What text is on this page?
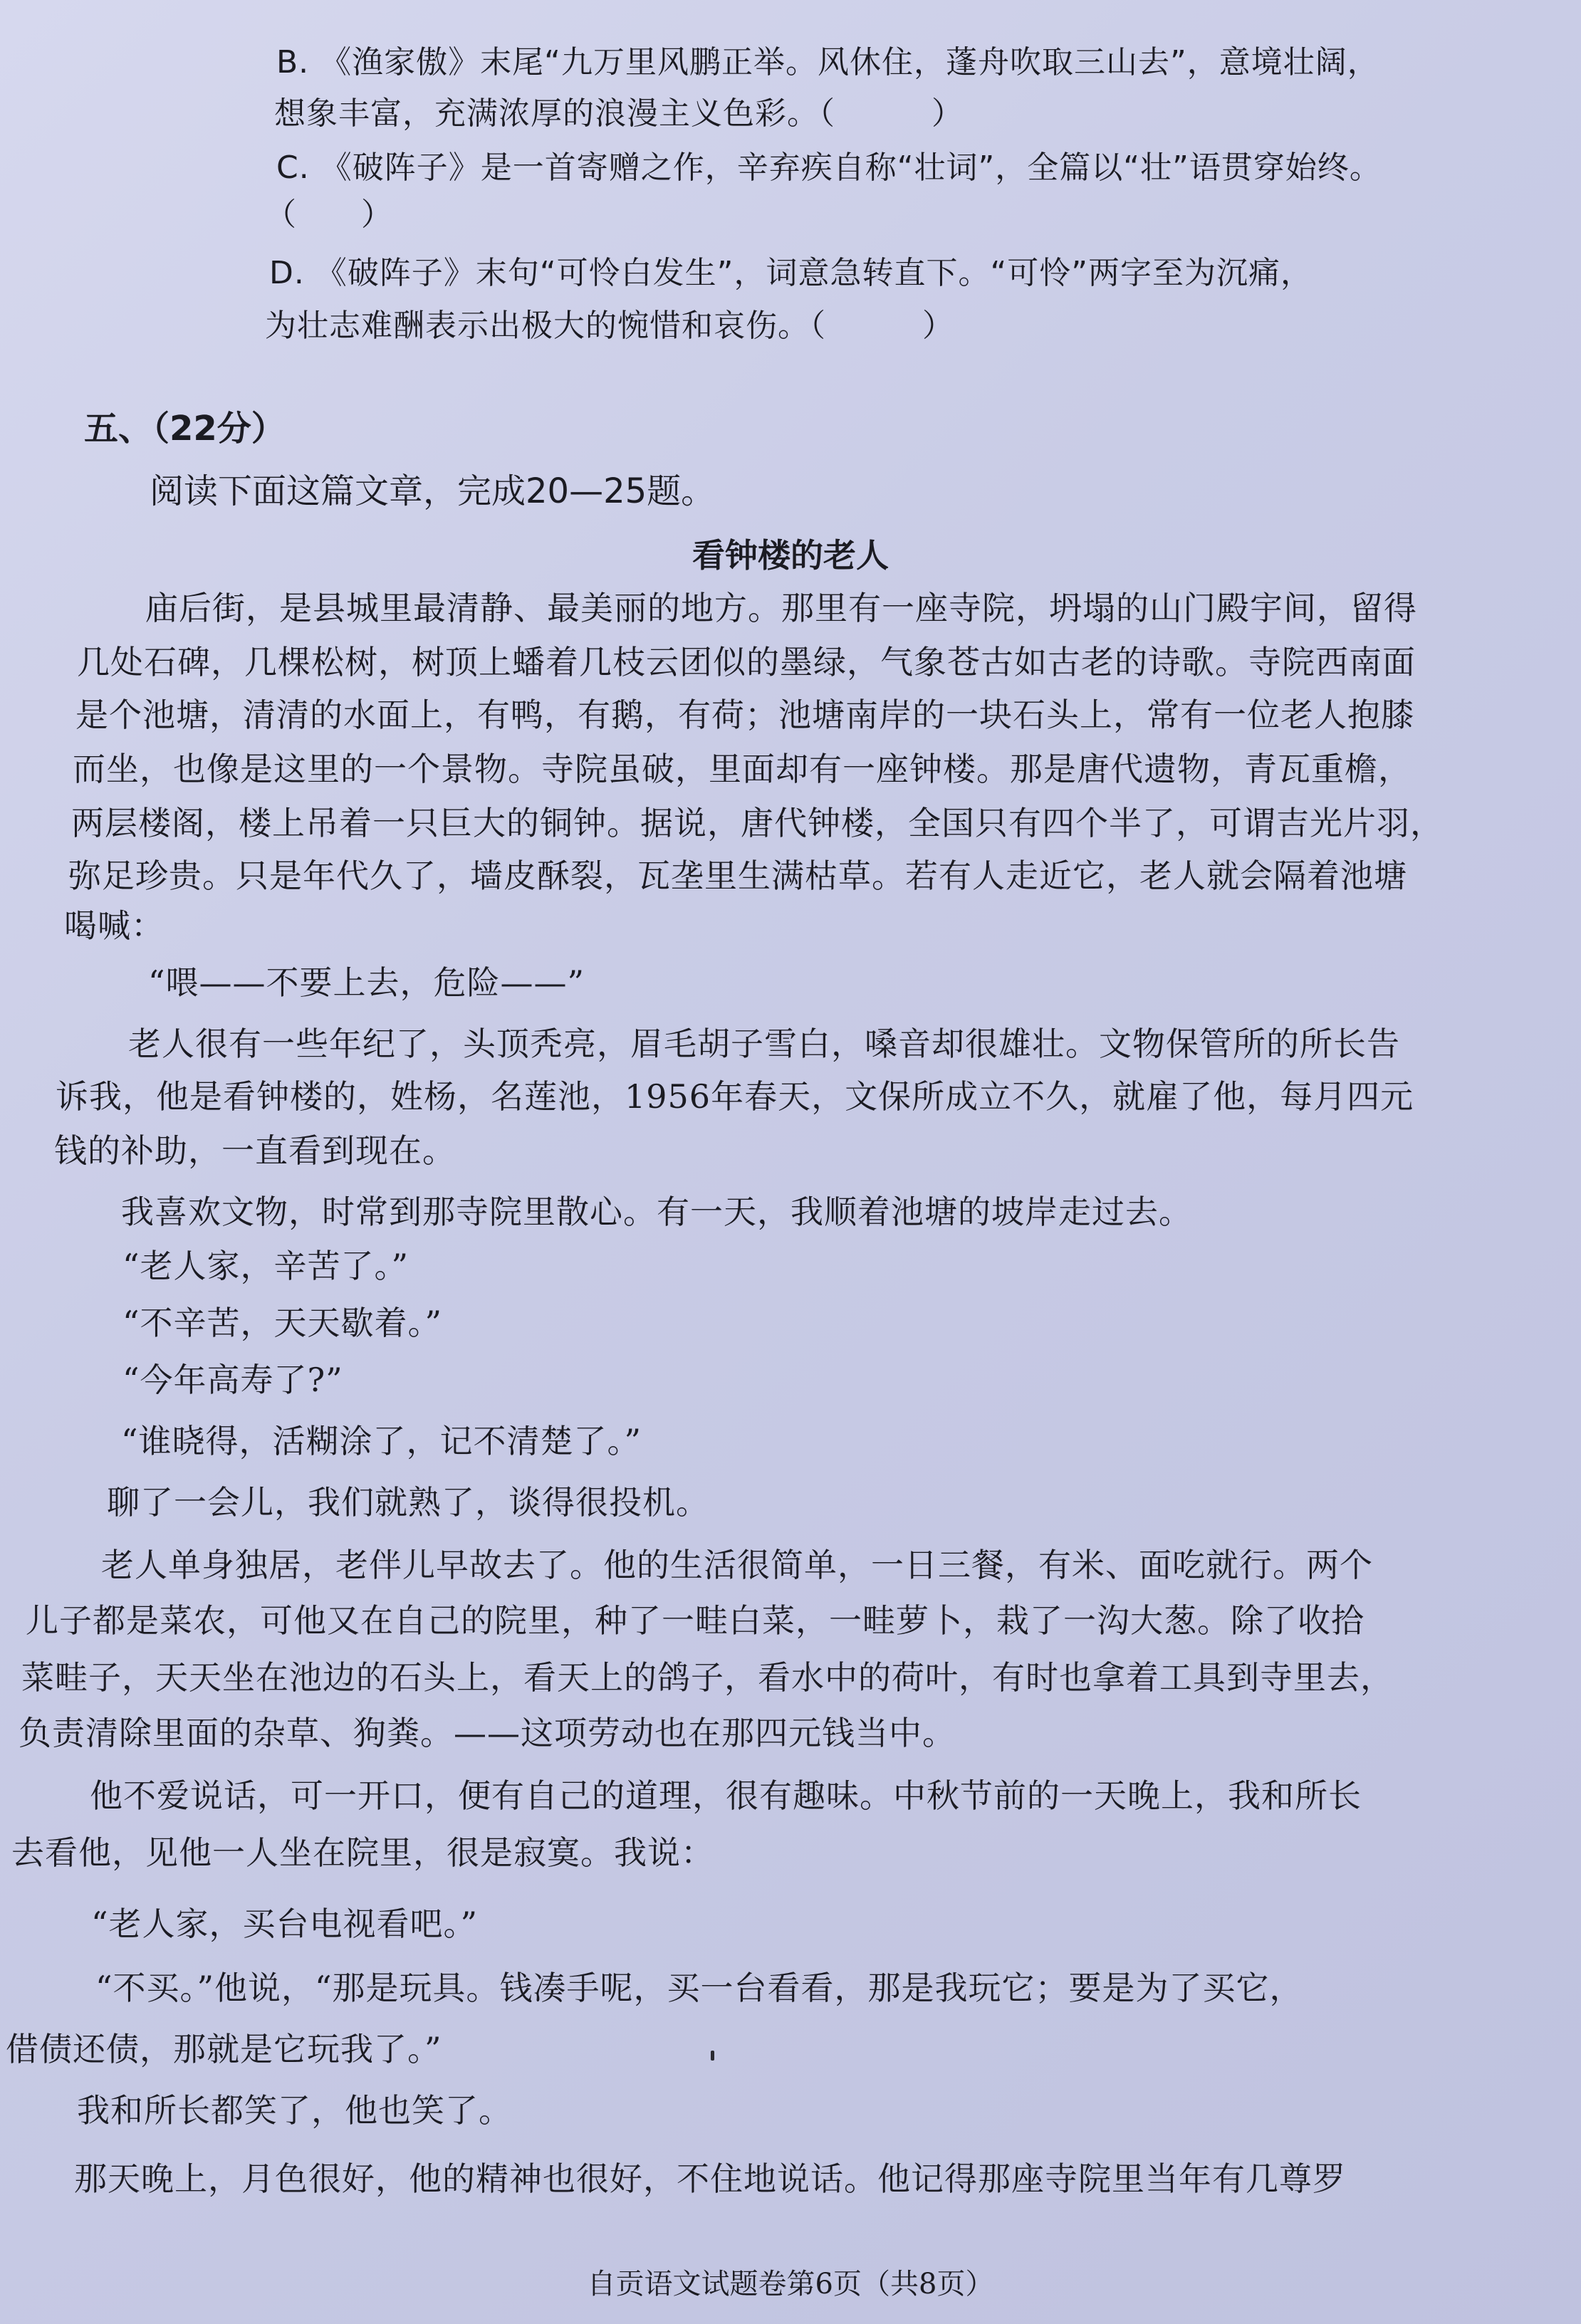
B. 《渔家傲》末尾“九万里风鹏正举。风休住，蓬舟吹取三山去”，意境壮阔，
想象丰富，充满浓厚的浪漫主义色彩。（　　　）
C. 《破阵子》是一首寄赠之作，辛弃疾自称“壮词”，全篇以“壮”语贯穿始终。
（　　）
D. 《破阵子》末句“可怜白发生”，词意急转直下。“可怜”两字至为沉痛，
为壮志难酬表示出极大的惋惜和哀伤。（　　　）
五、（22分）
阅读下面这篇文章，完成20—25题。
看钟楼的老人
庙后街，是县城里最清静、最美丽的地方。那里有一座寺院，坍塌的山门殿宇间，留得
几处石碑，几棵松树，树顶上蟠着几枝云团似的墨绿，气象苍古如古老的诗歌。寺院西南面
是个池塘，清清的水面上，有鸭，有鹅，有荷；池塘南岸的一块石头上，常有一位老人抱膝
而坐，也像是这里的一个景物。寺院虽破，里面却有一座钟楼。那是唐代遗物，青瓦重檐，
两层楼阁，楼上吊着一只巨大的铜钟。据说，唐代钟楼，全国只有四个半了，可谓吉光片羽，
弥足珍贵。只是年代久了，墙皮酥裂，瓦垄里生满枯草。若有人走近它，老人就会隔着池塘
喝喊：
“喂——不要上去，危险——”
老人很有一些年纪了，头顶秃亮，眉毛胡子雪白，嗓音却很雄壮。文物保管所的所长告
诉我，他是看钟楼的，姓杨，名莲池，1956年春天，文保所成立不久，就雇了他，每月四元
钱的补助，一直看到现在。
我喜欢文物，时常到那寺院里散心。有一天，我顺着池塘的坡岸走过去。
“老人家，辛苦了。”
“不辛苦，天天歇着。”
“今年高寿了?”
“谁晓得，活糊涂了，记不清楚了。”
聊了一会儿，我们就熟了，谈得很投机。
老人单身独居，老伴儿早故去了。他的生活很简单，一日三餐，有米、面吃就行。两个
儿子都是菜农，可他又在自己的院里，种了一畦白菜，一畦萝卜，栽了一沟大葱。除了收拾
菜畦子，天天坐在池边的石头上，看天上的鸽子，看水中的荷叶，有时也拿着工具到寺里去，
负责清除里面的杂草、狗粪。——这项劳动也在那四元钱当中。
他不爱说话，可一开口，便有自己的道理，很有趣味。中秋节前的一天晚上，我和所长
去看他，见他一人坐在院里，很是寂寞。我说：
“老人家，买台电视看吧。”
“不买。”他说，“那是玩具。钱凑手呢，买一台看看，那是我玩它；要是为了买它，
借债还债，那就是它玩我了。”
我和所长都笑了，他也笑了。
那天晚上，月色很好，他的精神也很好，不住地说话。他记得那座寺院里当年有几尊罗
自贡语文试题卷第6页（共8页）
